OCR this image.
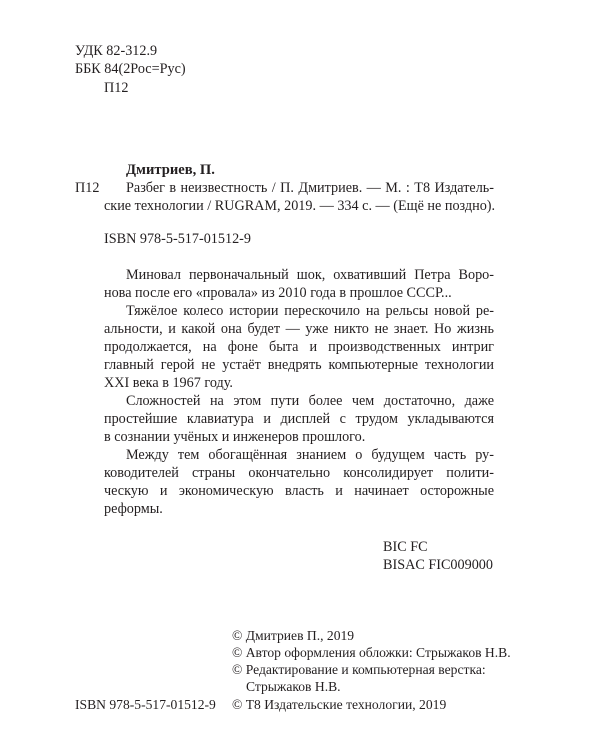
УДК 82-312.9
ББК 84(2Рос=Рус)
П12
Дмитриев, П.
П12 Разбег в неизвестность / П. Дмитриев. — М. : Т8 Издатель-
ские технологии / RUGRAM, 2019. — 334 с. — (Ещё не поздно).
ISBN 978-5-517-01512-9
Миновал первоначальный шок, охвативший Петра Воро-
нова после его «провала» из 2010 года в прошлое СССР...
Тяжёлое колесо истории перескочило на рельсы новой ре-
альности, и какой она будет — уже никто не знает. Но жизнь
продолжается, на фоне быта и производственных интриг
главный герой не устаёт внедрять компьютерные технологии
XXI века в 1967 году.
Сложностей на этом пути более чем достаточно, даже
простейшие клавиатура и дисплей с трудом укладываются
в сознании учёных и инженеров прошлого.
Между тем обогащённая знанием о будущем часть ру-
ководителей страны окончательно консолидирует полити-
ческую и экономическую власть и начинает осторожные
реформы.
BIC FC
BISAC FIC009000
© Дмитриев П., 2019
© Автор оформления обложки: Стрыжаков Н.В.
© Редактирование и компьютерная верстка:
Стрыжаков Н.В.
© Т8 Издательские технологии, 2019
ISBN 978-5-517-01512-9
